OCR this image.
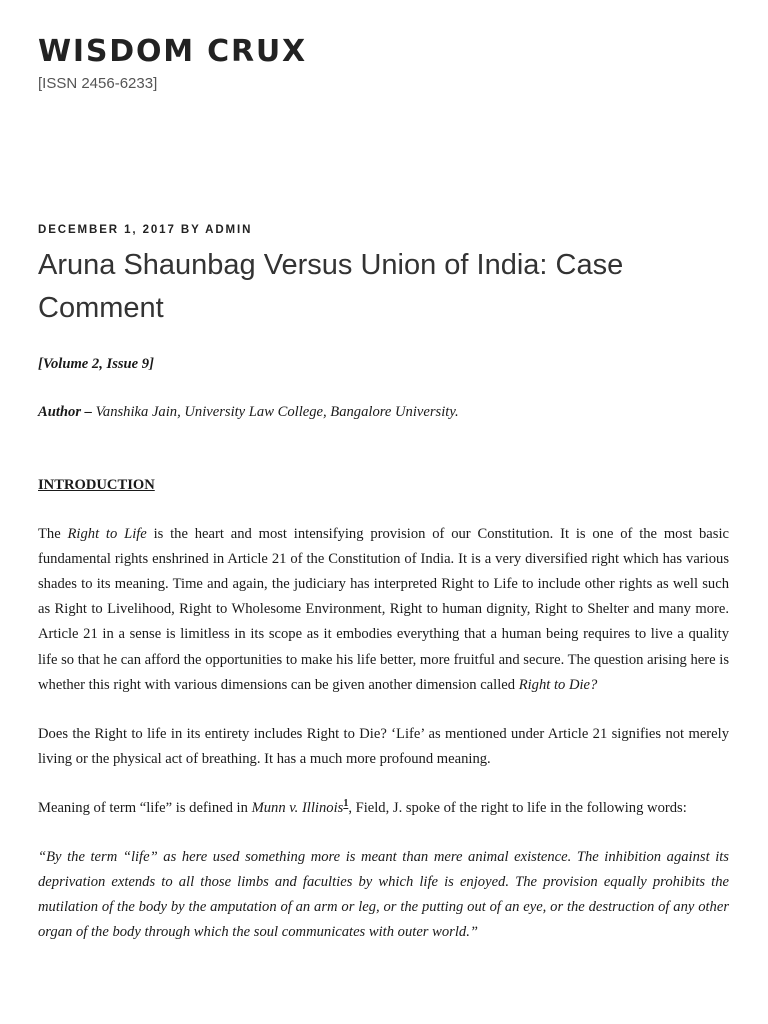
WISDOM CRUX

[ISSN 2456-6233]

DECEMBER 1, 2017 BY ADMIN
Aruna Shaunbag Versus Union of India: Case Comment

[Volume 2, Issue 9]

Author – Vanshika Jain, University Law College, Bangalore University.

INTRODUCTION

The Right to Life is the heart and most intensifying provision of our Constitution. It is one of the most basic fundamental rights enshrined in Article 21 of the Constitution of India. It is a very diversified right which has various shades to its meaning. Time and again, the judiciary has interpreted Right to Life to include other rights as well such as Right to Livelihood, Right to Wholesome Environment, Right to human dignity, Right to Shelter and many more. Article 21 in a sense is limitless in its scope as it embodies everything that a human being requires to live a quality life so that he can afford the opportunities to make his life better, more fruitful and secure. The question arising here is whether this right with various dimensions can be given another dimension called Right to Die?

Does the Right to life in its entirety includes Right to Die? ‘Life’ as mentioned under Article 21 signifies not merely living or the physical act of breathing. It has a much more profound meaning.

Meaning of term “life” is defined in Munn v. Illinois$^1$, Field, J. spoke of the right to life in the following words:

“By the term “life” as here used something more is meant than mere animal existence. The inhibition against its deprivation extends to all those limbs and faculties by which life is enjoyed. The provision equally prohibits the mutilation of the body by the amputation of an arm or leg, or the putting out of an eye, or the destruction of any other organ of the body through which the soul communicates with outer world.”
